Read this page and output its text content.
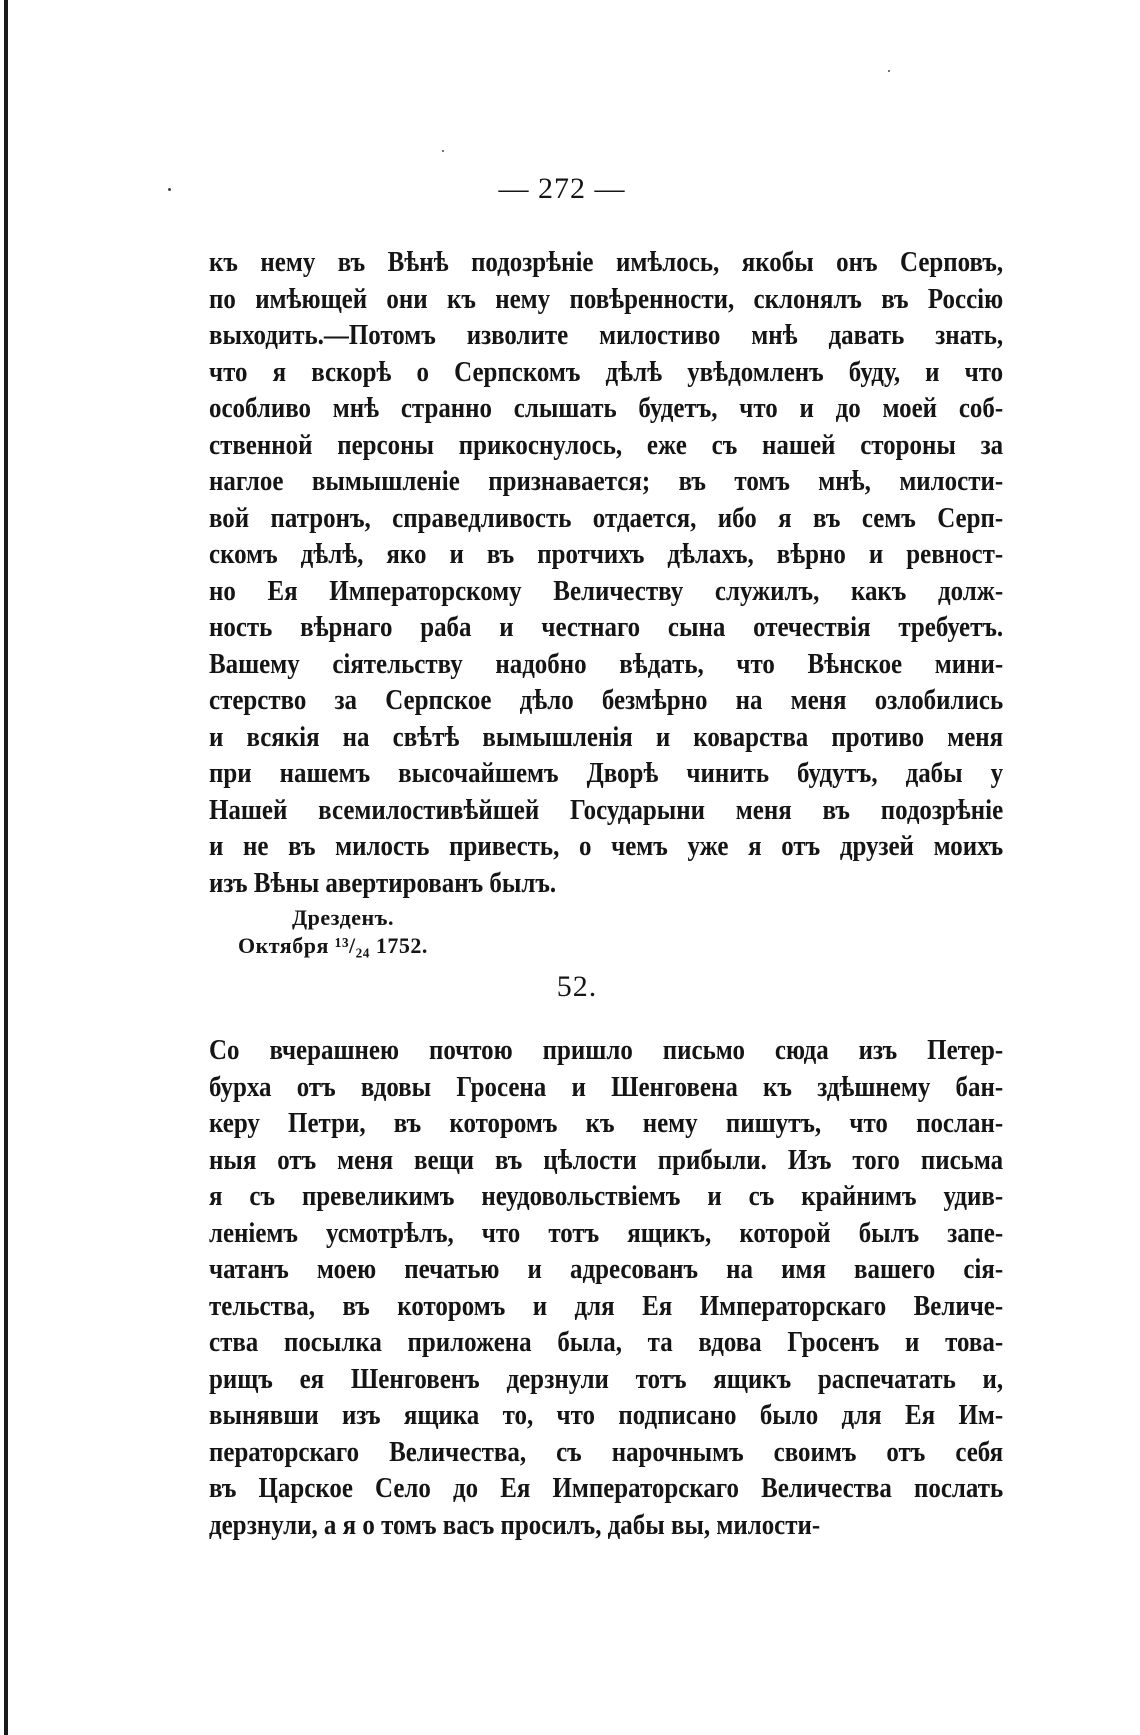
— 272 —
къ нему въ Вѣнѣ подозрѣніе имѣлось, якобы онъ Серповъ,
по имѣющей они къ нему повѣренности, склонялъ въ Россію
выходить.—Потомъ изволите милостиво мнѣ давать знать,
что я вскорѣ о Серпскомъ дѣлѣ увѣдомленъ буду, и что
особливо мнѣ странно слышать будетъ, что и до моей соб-
ственной персоны прикоснулось, еже съ нашей стороны за
наглое вымышленіе признавается; въ томъ мнѣ, милости-
вой патронъ, справедливость отдается, ибо я въ семъ Серп-
скомъ дѣлѣ, яко и въ протчихъ дѣлахъ, вѣрно и ревност-
но Ея Императорскому Величеству служилъ, какъ долж-
ность вѣрнаго раба и честнаго сына отечествія требуетъ.
Вашему сіятельству надобно вѣдать, что Вѣнское мини-
стерство за Серпское дѣло безмѣрно на меня озлобились
и всякія на свѣтѣ вымышленія и коварства противо меня
при нашемъ высочайшемъ Дворѣ чинить будутъ, дабы у
Нашей всемилостивѣйшей Государыни меня въ подозрѣніе
и не въ милость привесть, о чемъ уже я отъ друзей моихъ
изъ Вѣны авертированъ былъ.
Дрезденъ.
Октября ¹³/₂₄ 1752.
52.
Со вчерашнею почтою пришло письмо сюда изъ Петер-
бурха отъ вдовы Гросена и Шенговена къ здѣшнему бан-
керу Петри, въ которомъ къ нему пишутъ, что послан-
ныя отъ меня вещи въ цѣлости прибыли. Изъ того письма
я съ превеликимъ неудовольствіемъ и съ крайнимъ удив-
леніемъ усмотрѣлъ, что тотъ ящикъ, которой былъ запе-
чатанъ моею печатью и адресованъ на имя вашего сія-
тельства, въ которомъ и для Ея Императорскаго Величе-
ства посылка приложена была, та вдова Гросенъ и това-
рищъ ея Шенговенъ дерзнули тотъ ящикъ распечатать и,
вынявши изъ ящика то, что подписано было для Ея Им-
ператорскаго Величества, съ нарочнымъ своимъ отъ себя
въ Царское Село до Ея Императорскаго Величества послать
дерзнули, а я о томъ васъ просилъ, дабы вы, милости-
